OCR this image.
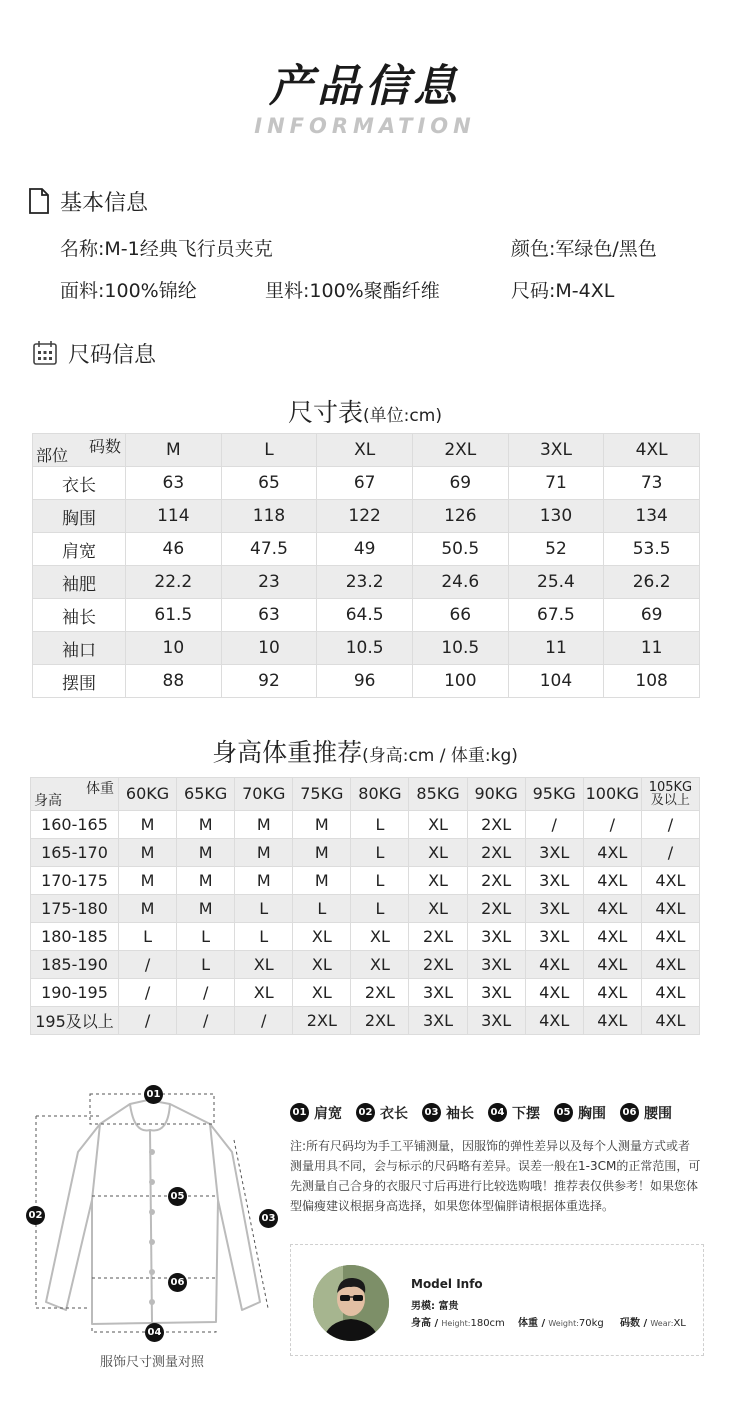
产品信息
INFORMATION
基本信息
名称:M-1经典飞行员夹克	颜色:军绿色/黑色
面料:100%锦纶	里料:100%聚酯纤维	尺码:M-4XL
尺码信息
尺寸表(单位:cm)
码数
部位	M	L	XL	2XL	3XL	4XL
衣长	63	65	67	69	71	73
胸围	114	118	122	126	130	134
肩宽	46	47.5	49	50.5	52	53.5
袖肥	22.2	23	23.2	24.6	25.4	26.2
袖长	61.5	63	64.5	66	67.5	69
袖口	10	10	10.5	10.5	11	11
摆围	88	92	96	100	104	108
身高体重推荐(身高:cm / 体重:kg)
体重
身高	60KG	65KG	70KG	75KG	80KG	85KG	90KG	95KG	100KG	105KG
及以上
160-165	M	M	M	M	L	XL	2XL	/	/	/
165-170	M	M	M	M	L	XL	2XL	3XL	4XL	/
170-175	M	M	M	M	L	XL	2XL	3XL	4XL	4XL
175-180	M	M	L	L	L	XL	2XL	3XL	4XL	4XL
180-185	L	L	L	XL	XL	2XL	3XL	3XL	4XL	4XL
185-190	/	L	XL	XL	XL	2XL	3XL	4XL	4XL	4XL
190-195	/	/	XL	XL	2XL	3XL	3XL	4XL	4XL	4XL
195及以上	/	/	/	2XL	2XL	3XL	3XL	4XL	4XL	4XL
01
02	03
04
05
06
服饰尺寸测量对照
01 肩宽 02 衣长 03 袖长 04 下摆 05 胸围 06 腰围
注:所有尺码均为手工平铺测量，因服饰的弹性差异以及每个人测量方式或者测量用具不同，会与标示的尺码略有差异。误差一般在1-3CM的正常范围，可先测量自己合身的衣服尺寸后再进行比较选购哦！推荐表仅供参考！如果您体型偏瘦建议根据身高选择，如果您体型偏胖请根据体重选择。
Model Info
男模: 富贵
身高 / Height:180cm 体重 / Weight:70kg 码数 / Wear:XL
